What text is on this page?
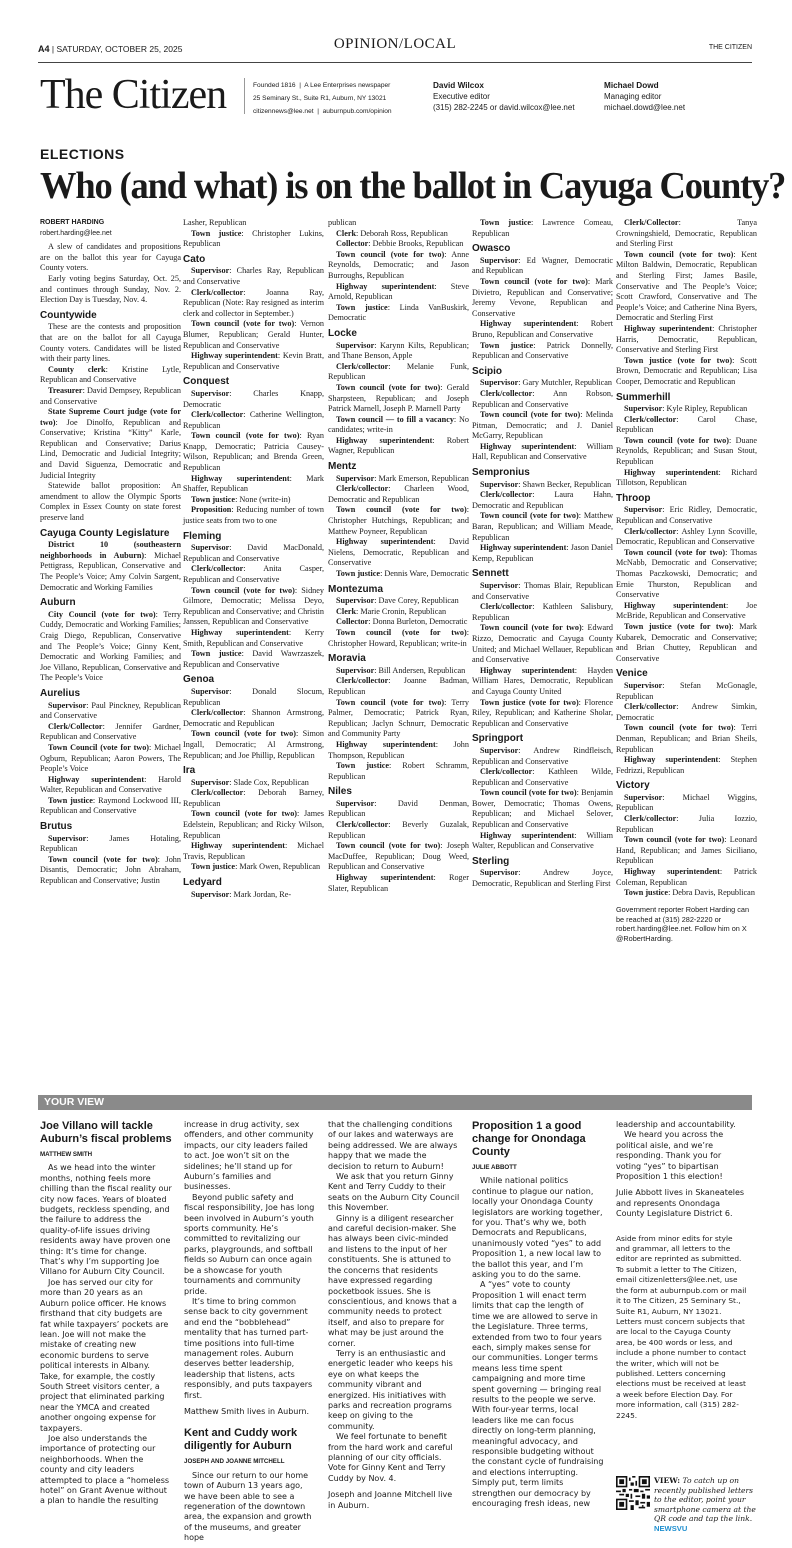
A4 | SATURDAY, OCTOBER 25, 2025	OPINION/LOCAL	THE CITIZEN
The Citizen	Founded 1816  |  A Lee Enterprises newspaper
25 Seminary St., Suite R1, Auburn, NY 13021
citizennews@lee.net  |  auburnpub.com/opinion
David Wilcox
Executive editor
(315) 282-2245 or david.wilcox@lee.net
Michael Dowd
Managing editor
michael.dowd@lee.net
ELECTIONS
Who (and what) is on the ballot in Cayuga County?

ROBERT HARDING

robert.harding@lee.net

A slew of candidates and propositions are on the ballot this year for Cayuga County voters.

Early voting begins Saturday, Oct. 25, and continues through Sunday, Nov. 2. Election Day is Tuesday, Nov. 4.

Countywide

These are the contests and proposition that are on the ballot for all Cayuga County voters. Candidates will be listed with their party lines.

County clerk: Kristine Lytle, Republican and Conservative

Treasurer: David Dempsey, Republican and Conservative

State Supreme Court judge (vote for two): Joe Dinolfo, Republican and Conservative; Kristina “Kitty” Karle, Republican and Conservative; Darius Lind, Democratic and Judicial Integrity; and David Siguenza, Democratic and Judicial Integrity

Statewide ballot proposition: An amendment to allow the Olympic Sports Complex in Essex County on state forest preserve land

Cayuga County Legislature

District 10 (southeastern neighborhoods in Auburn): Michael Pettigrass, Republican, Conservative and The People’s Voice; Amy Colvin Sargent, Democratic and Working Families

Auburn

City Council (vote for two): Terry Cuddy, Democratic and Working Families; Craig Diego, Republican, Conservative and The People’s Voice; Ginny Kent, Democratic and Working Families; and Joe Villano, Republican, Conservative and The People’s Voice

Aurelius

Supervisor: Paul Pinckney, Republican and Conservative

Clerk/Collector: Jennifer Gardner, Republican and Conservative

Town Council (vote for two): Michael Ogburn, Republican; Aaron Powers, The People’s Voice

Highway superintendent: Harold Walter, Republican and Conservative

Town justice: Raymond Lockwood III, Republican and Conservative

Brutus

Supervisor: James Hotaling, Republican

Town council (vote for two): John Disantis, Democratic; John Abraham, Republican and Conservative; Justin

Lasher, Republican

Town justice: Christopher Lukins, Republican

Cato

Supervisor: Charles Ray, Republican and Conservative

Clerk/collector: Joanna Ray, Republican (Note: Ray resigned as interim clerk and collector in September.)

Town council (vote for two): Vernon Blumer, Republican; Gerald Hunter, Republican and Conservative

Highway superintendent: Kevin Bratt, Republican and Conservative

Conquest

Supervisor: Charles Knapp, Democratic

Clerk/collector: Catherine Wellington, Republican

Town council (vote for two): Ryan Knapp, Democratic; Patricia Causey-Wilson, Republican; and Brenda Green, Republican

Highway superintendent: Mark Shaffer, Republican

Town justice: None (write-in)

Proposition: Reducing number of town justice seats from two to one

Fleming

Supervisor: David MacDonald, Republican and Conservative

Clerk/collector: Anita Casper, Republican and Conservative

Town council (vote for two): Sidney Gilmore, Democratic; Melissa Deyo, Republican and Conservative; and Christin Janssen, Republican and Conservative

Highway superintendent: Kerry Smith, Republican and Conservative

Town justice: David Wawrzaszek, Republican and Conservative

Genoa

Supervisor: Donald Slocum, Republican

Clerk/collector: Shannon Armstrong, Democratic and Republican

Town council (vote for two): Simon Ingall, Democratic; Al Armstrong, Republican; and Joe Phillip, Republican

Ira

Supervisor: Slade Cox, Republican

Clerk/collector: Deborah Barney, Republican

Town council (vote for two): James Edelstein, Republican; and Ricky Wilson, Republican

Highway superintendent: Michael Travis, Republican

Town justice: Mark Owen, Republican

Ledyard

Supervisor: Mark Jordan, Re-

publican

Clerk: Deborah Ross, Republican

Collector: Debbie Brooks, Republican

Town council (vote for two): Anne Reynolds, Democratic; and Jason Burroughs, Republican

Highway superintendent: Steve Arnold, Republican

Town justice: Linda VanBuskirk, Democratic

Locke

Supervisor: Karynn Kilts, Republican; and Thane Benson, Apple

Clerk/collector: Melanie Funk, Republican

Town council (vote for two): Gerald Sharpsteen, Republican; and Joseph Patrick Marnell, Joseph P. Marnell Party

Town council — to fill a vacancy: No candidates; write-in

Highway superintendent: Robert Wagner, Republican

Mentz

Supervisor: Mark Emerson, Republican

Clerk/collector: Charleen Wood, Democratic and Republican

Town council (vote for two): Christopher Hutchings, Republican; and Matthew Poyneer, Republican

Highway superintendent: David Nielens, Democratic, Republican and Conservative

Town justice: Dennis Ware, Democratic

Montezuma

Supervisor: Dave Corey, Republican

Clerk: Marie Cronin, Republican

Collector: Donna Burleton, Democratic

Town council (vote for two): Christopher Howard, Republican; write-in

Moravia

Supervisor: Bill Andersen, Republican

Clerk/collector: Joanne Badman, Republican

Town council (vote for two): Terry Palmer, Democratic; Patrick Ryan, Republican; Jaclyn Schnurr, Democratic and Community Party

Highway superintendent: John Thompson, Republican

Town justice: Robert Schramm, Republican

Niles

Supervisor: David Denman, Republican

Clerk/collector: Beverly Guzalak, Republican

Town council (vote for two): Joseph MacDuffee, Republican; Doug Weed, Republican and Conservative

Highway superintendent: Roger Slater, Republican

Town justice: Lawrence Comeau, Republican

Owasco

Supervisor: Ed Wagner, Democratic and Republican

Town council (vote for two): Mark Divietro, Republican and Conservative; Jeremy Vevone, Republican and Conservative

Highway superintendent: Robert Bruno, Republican and Conservative

Town justice: Patrick Donnelly, Republican and Conservative

Scipio

Supervisor: Gary Mutchler, Republican

Clerk/collector: Ann Robson, Republican and Conservative

Town council (vote for two): Melinda Pitman, Democratic; and J. Daniel McGarry, Republican

Highway superintendent: William Hall, Republican and Conservative

Sempronius

Supervisor: Shawn Becker, Republican

Clerk/collector: Laura Hahn, Democratic and Republican

Town council (vote for two): Matthew Baran, Republican; and William Meade, Republican

Highway superintendent: Jason Daniel Kemp, Republican

Sennett

Supervisor: Thomas Blair, Republican and Conservative

Clerk/collector: Kathleen Salisbury, Republican

Town council (vote for two): Edward Rizzo, Democratic and Cayuga County United; and Michael Wellauer, Republican and Conservative

Highway superintendent: Hayden William Hares, Democratic, Republican and Cayuga County United

Town justice (vote for two): Florence Riley, Republican; and Katherine Sholar, Republican and Conservative

Springport

Supervisor: Andrew Rindfleisch, Republican and Conservative

Clerk/collector: Kathleen Wilde, Republican and Conservative

Town council (vote for two): Benjamin Bower, Democratic; Thomas Owens, Republican; and Michael Selover, Republican and Conservative

Highway superintendent: William Walter, Republican and Conservative

Sterling

Supervisor: Andrew Joyce, Democratic, Republican and Sterling First

Clerk/Collector: Tanya Crowningshield, Democratic, Republican and Sterling First

Town council (vote for two): Kent Milton Baldwin, Democratic, Republican and Sterling First; James Basile, Conservative and The People’s Voice; Scott Crawford, Conservative and The People’s Voice; and Catherine Nina Byers, Democratic and Sterling First

Highway superintendent: Christopher Harris, Democratic, Republican, Conservative and Sterling First

Town justice (vote for two): Scott Brown, Democratic and Republican; Lisa Cooper, Democratic and Republican

Summerhill

Supervisor: Kyle Ripley, Republican

Clerk/collector: Carol Chase, Republican

Town council (vote for two): Duane Reynolds, Republican; and Susan Stout, Republican

Highway superintendent: Richard Tillotson, Republican

Throop

Supervisor: Eric Ridley, Democratic, Republican and Conservative

Clerk/collector: Ashley Lynn Scoville, Democratic, Republican and Conservative

Town council (vote for two): Thomas McNabb, Democratic and Conservative; Thomas Paczkowski, Democratic; and Ernie Thurston, Republican and Conservative

Highway superintendent: Joe McBride, Republican and Conservative

Town justice (vote for two): Mark Kubarek, Democratic and Conservative; and Brian Chuttey, Republican and Conservative

Venice

Supervisor: Stefan McGonagle, Republican

Clerk/collector: Andrew Simkin, Democratic

Town council (vote for two): Terri Denman, Republican; and Brian Sheils, Republican

Highway superintendent: Stephen Fedrizzi, Republican

Victory

Supervisor: Michael Wiggins, Republican

Clerk/collector: Julia Iozzio, Republican

Town council (vote for two): Leonard Hand, Republican; and James Siciliano, Republican

Highway superintendent: Patrick Coleman, Republican

Town justice: Debra Davis, Republican

Government reporter Robert Harding can be reached at (315) 282-2220 or robert.harding@lee.net. Follow him on X @RobertHarding.

YOUR VIEW
Joe Villano will tackle Auburn’s fiscal problems

MATTHEW SMITH

As we head into the winter months, nothing feels more chilling than the fiscal reality our city now faces. Years of bloated budgets, reckless spending, and the failure to address the quality-of-life issues driving residents away have proven one thing: It’s time for change. That’s why I’m supporting Joe Villano for Auburn City Council.

Joe has served our city for more than 20 years as an Auburn police officer. He knows firsthand that city budgets are fat while taxpayers’ pockets are lean. Joe will not make the mistake of creating new economic burdens to serve political interests in Albany. Take, for example, the costly South Street visitors center, a project that eliminated parking near the YMCA and created another ongoing expense for taxpayers.

Joe also understands the importance of protecting our neighborhoods. When the county and city leaders attempted to place a “homeless hotel” on Grant Avenue without a plan to handle the resulting

increase in drug activity, sex offenders, and other community impacts, our city leaders failed to act. Joe won’t sit on the sidelines; he’ll stand up for Auburn’s families and businesses.

Beyond public safety and fiscal responsibility, Joe has long been involved in Auburn’s youth sports community. He’s committed to revitalizing our parks, playgrounds, and softball fields so Auburn can once again be a showcase for youth tournaments and community pride.

It’s time to bring common sense back to city government and end the “bobblehead” mentality that has turned part-time positions into full-time management roles. Auburn deserves better leadership, leadership that listens, acts responsibly, and puts taxpayers first.

Matthew Smith lives in Auburn.

Kent and Cuddy work diligently for Auburn

JOSEPH AND JOANNE MITCHELL

Since our return to our home town of Auburn 13 years ago, we have been able to see a regeneration of the downtown area, the expansion and growth of the museums, and greater hope

that the challenging conditions of our lakes and waterways are being addressed. We are always happy that we made the decision to return to Auburn!

We ask that you return Ginny Kent and Terry Cuddy to their seats on the Auburn City Council this November.

Ginny is a diligent researcher and careful decision-maker. She has always been civic-minded and listens to the input of her constituents. She is attuned to the concerns that residents have expressed regarding pocketbook issues. She is conscientious, and knows that a community needs to protect itself, and also to prepare for what may be just around the corner.

Terry is an enthusiastic and energetic leader who keeps his eye on what keeps the community vibrant and energized. His initiatives with parks and recreation programs keep on giving to the community.

We feel fortunate to benefit from the hard work and careful planning of our city officials. Vote for Ginny Kent and Terry Cuddy by Nov. 4.

Joseph and Joanne Mitchell live in Auburn.

Proposition 1 a good change for Onondaga County

JULIE ABBOTT

While national politics continue to plague our nation, locally your Onondaga County legislators are working together, for you. That’s why we, both Democrats and Republicans, unanimously voted “yes” to add Proposition 1, a new local law to the ballot this year, and I’m asking you to do the same.

A “yes” vote to county Proposition 1 will enact term limits that cap the length of time we are allowed to serve in the Legislature. Three terms, extended from two to four years each, simply makes sense for our communities. Longer terms means less time spent campaigning and more time spent governing — bringing real results to the people we serve. With four-year terms, local leaders like me can focus directly on long-term planning, meaningful advocacy, and responsible budgeting without the constant cycle of fundraising and elections interrupting. Simply put, term limits strengthen our democracy by encouraging fresh ideas, new

leadership and accountability.

We heard you across the political aisle, and we’re responding. Thank you for voting “yes” to bipartisan Proposition 1 this election!

Julie Abbott lives in Skaneateles and represents Onondaga County Legislature District 6.

Aside from minor edits for style and grammar, all letters to the editor are reprinted as submitted. To submit a letter to The Citizen, email citizenletters@lee.net, use the form at auburnpub.com or mail it to The Citizen, 25 Seminary St., Suite R1, Auburn, NY 13021. Letters must concern subjects that are local to the Cayuga County area, be 400 words or less, and include a phone number to contact the writer, which will not be published. Letters concerning elections must be received at least a week before Election Day. For more information, call (315) 282-2245.

VIEW: To catch up on recently published letters to the editor, point your smartphone camera at the QR code and tap the link. NEWSVU
